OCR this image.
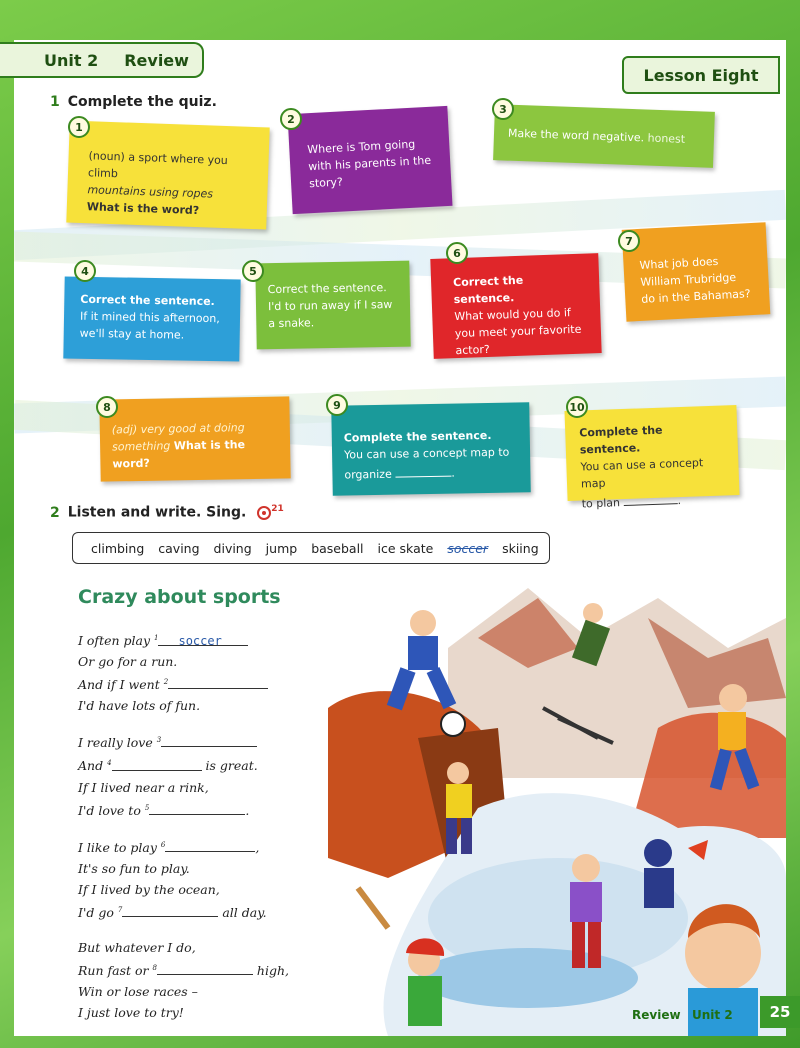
Review Unit 2
Unit 2 Review
Lesson Eight
1 Complete the quiz.
(noun) a sport where you climb
mountains using ropes
What is the word?
1
Where is Tom going
with his parents in the
story?
2
Make the word negative. honest
3
Correct the sentence.
If it mined this afternoon,
we'll stay at home.
4
Correct the sentence.
I'd to run away if I saw
a snake.
5
Correct the sentence.
What would you do if
you meet your favorite
actor?
6
What job does
William Trubridge
do in the Bahamas?
7
(adj) very good at doing
something What is the word?
8
Complete the sentence.
You can use a concept map to
organize	.
9
Complete the sentence.
You can use a concept map
to plan	.
10
2 Listen and write. Sing.	$^{21}$
climbing caving diving jump baseball ice skate soccer skiing
Crazy about sports
I often play $^1$ soccer
Or go for a run.
And if I went $^2$
I'd have lots of fun.
I really love $^3$
And $^4$	is great.
If I lived near a rink,
I'd love to $^5$	.
I like to play $^6$	,
It's so fun to play.
If I lived by the ocean,
I'd go $^7$	all day.
But whatever I do,
Run fast or $^8$	high,
Win or lose races –
I just love to try!	25
